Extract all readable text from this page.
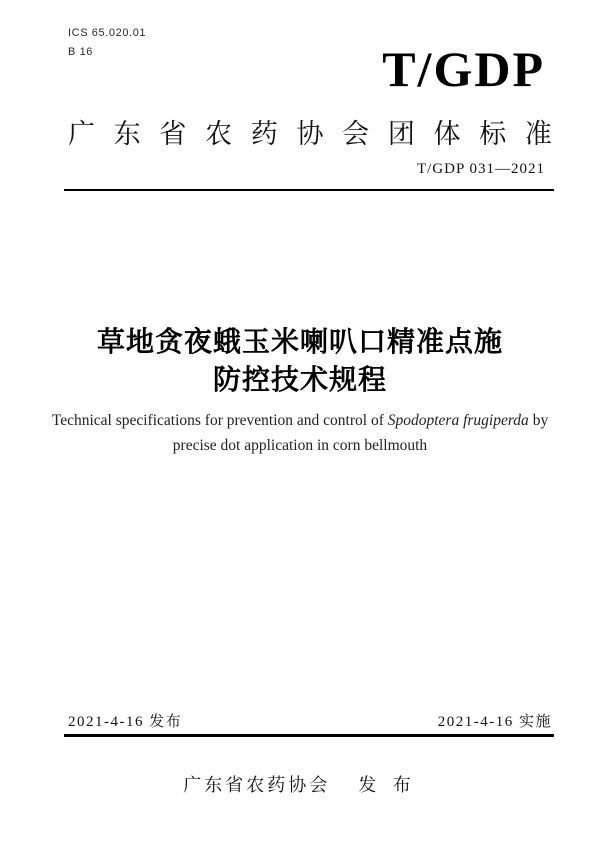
ICS 65.020.01
B 16	T/GDP
广 东 省 农 药 协 会 团 体 标 准
T/GDP 031—2021
草地贪夜蛾玉米喇叭口精准点施
防控技术规程
Technical specifications for prevention and control of Spodoptera frugiperda by
precise dot application in corn bellmouth
2021-4-16 发布	2021-4-16 实施
广东省农药协会 发 布
